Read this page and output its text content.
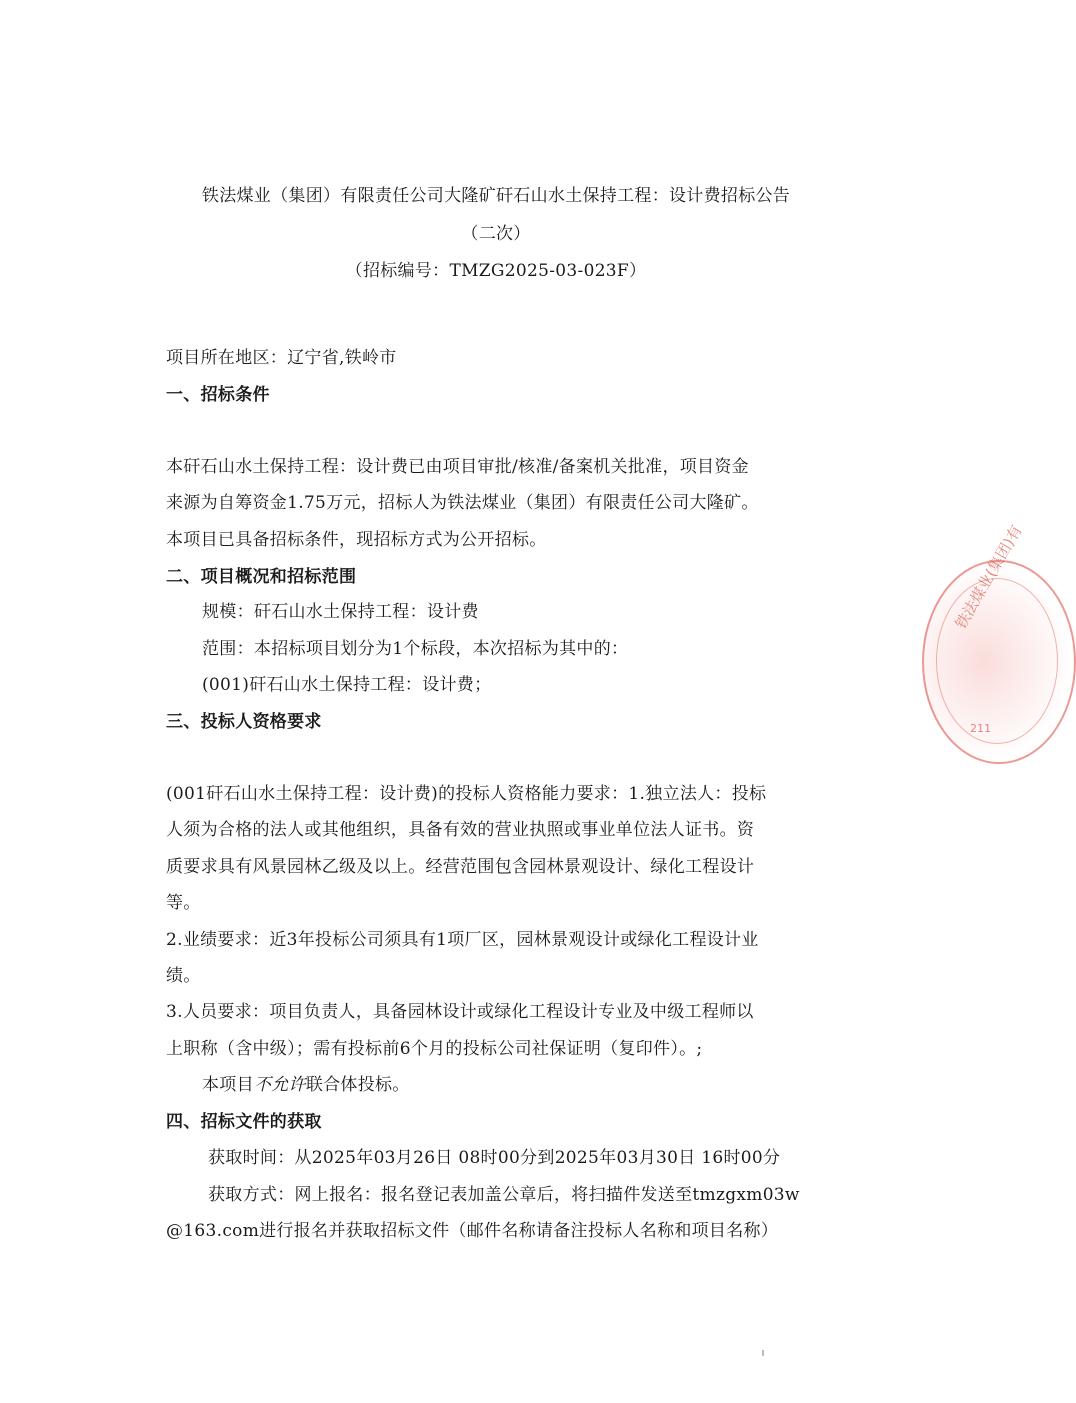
铁法煤业（集团）有限责任公司大隆矿矸石山水土保持工程：设计费招标公告
（二次）
（招标编号：TMZG2025-03-023F）
项目所在地区：辽宁省,铁岭市
一、招标条件
本矸石山水土保持工程：设计费已由项目审批/核准/备案机关批准，项目资金
来源为自筹资金1.75万元，招标人为铁法煤业（集团）有限责任公司大隆矿。
本项目已具备招标条件，现招标方式为公开招标。
二、项目概况和招标范围
规模：矸石山水土保持工程：设计费
范围：本招标项目划分为1个标段，本次招标为其中的：
(001)矸石山水土保持工程：设计费；
三、投标人资格要求
(001矸石山水土保持工程：设计费)的投标人资格能力要求：1.独立法人：投标
人须为合格的法人或其他组织，具备有效的营业执照或事业单位法人证书。资
质要求具有风景园林乙级及以上。经营范围包含园林景观设计、绿化工程设计
等。
2.业绩要求：近3年投标公司须具有1项厂区，园林景观设计或绿化工程设计业
绩。
3.人员要求：项目负责人，具备园林设计或绿化工程设计专业及中级工程师以
上职称（含中级）；需有投标前6个月的投标公司社保证明（复印件）。;
本项目不允许联合体投标。
四、招标文件的获取
获取时间：从2025年03月26日 08时00分到2025年03月30日 16时00分
获取方式：网上报名：报名登记表加盖公章后，将扫描件发送至tmzgxm03w
@163.com进行报名并获取招标文件（邮件名称请备注投标人名称和项目名称）
铁法煤业(集团)有
211
